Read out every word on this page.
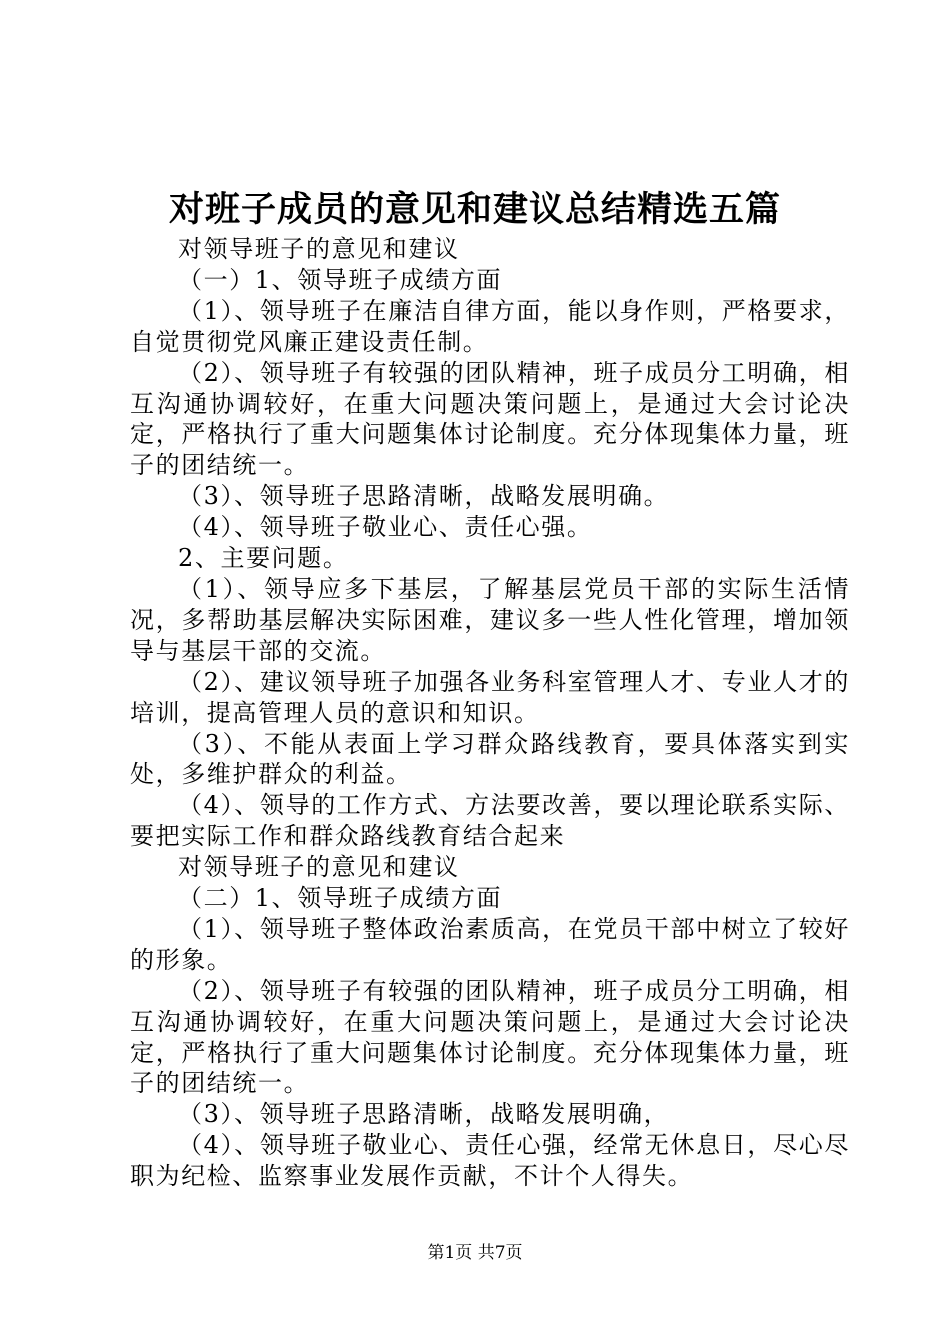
对班子成员的意见和建议总结精选五篇

对领导班子的意见和建议

（一）1、领导班子成绩方面

（1）、领导班子在廉洁自律方面，能以身作则，严格要求，自觉贯彻党风廉正建设责任制。

（2）、领导班子有较强的团队精神，班子成员分工明确，相互沟通协调较好，在重大问题决策问题上，是通过大会讨论决定，严格执行了重大问题集体讨论制度。充分体现集体力量，班子的团结统一。

（3）、领导班子思路清晰，战略发展明确。

（4）、领导班子敬业心、责任心强。

2、主要问题。

（1）、领导应多下基层，了解基层党员干部的实际生活情况，多帮助基层解决实际困难，建议多一些人性化管理，增加领导与基层干部的交流。

（2）、建议领导班子加强各业务科室管理人才、专业人才的培训，提高管理人员的意识和知识。

（3）、不能从表面上学习群众路线教育，要具体落实到实处，多维护群众的利益。

（4）、领导的工作方式、方法要改善，要以理论联系实际、要把实际工作和群众路线教育结合起来

对领导班子的意见和建议

（二）1、领导班子成绩方面

（1）、领导班子整体政治素质高，在党员干部中树立了较好的形象。

（2）、领导班子有较强的团队精神，班子成员分工明确，相互沟通协调较好，在重大问题决策问题上，是通过大会讨论决定，严格执行了重大问题集体讨论制度。充分体现集体力量，班子的团结统一。

（3）、领导班子思路清晰，战略发展明确，

（4）、领导班子敬业心、责任心强，经常无休息日，尽心尽职为纪检、监察事业发展作贡献，不计个人得失。

第1页 共7页
